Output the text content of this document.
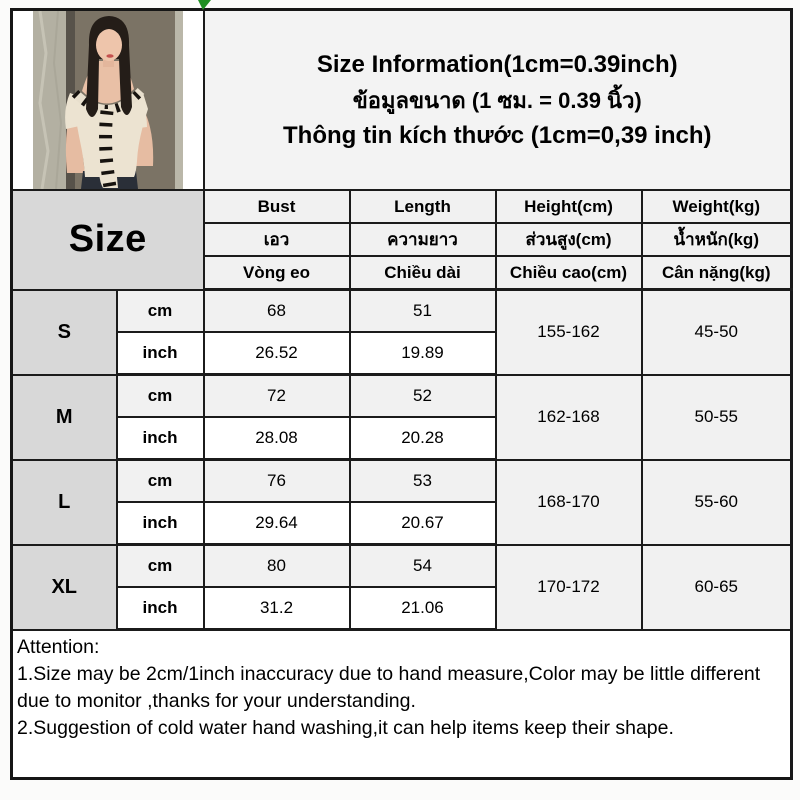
Size Information(1cm=0.39inch)
ข้อมูลขนาด (1 ซม. = 0.39 นิ้ว)
Thông tin kích thước (1cm=0,39 inch)			

Size		Bust	Length	Height(cm)	Weight(kg)
		เอว	ความยาว	ส่วนสูง(cm)	น้ำหนัก(kg)
		Vòng eo	Chiều dài	Chiều cao(cm)	Cân nặng(kg)
S	cm	68	51	155-162	45-50
	inch	26.52	19.89		
M	cm	72	52	162-168	50-55
	inch	28.08	20.28		
L	cm	76	53	168-170	55-60
	inch	29.64	20.67		
XL	cm	80	54	170-172	60-65
	inch	31.2	21.06		

Attention:
1.Size may be 2cm/1inch inaccuracy due to hand measure,Color may be little different due to monitor ,thanks for your understanding.
2.Suggestion of cold water hand washing,it can help items keep their shape.					
